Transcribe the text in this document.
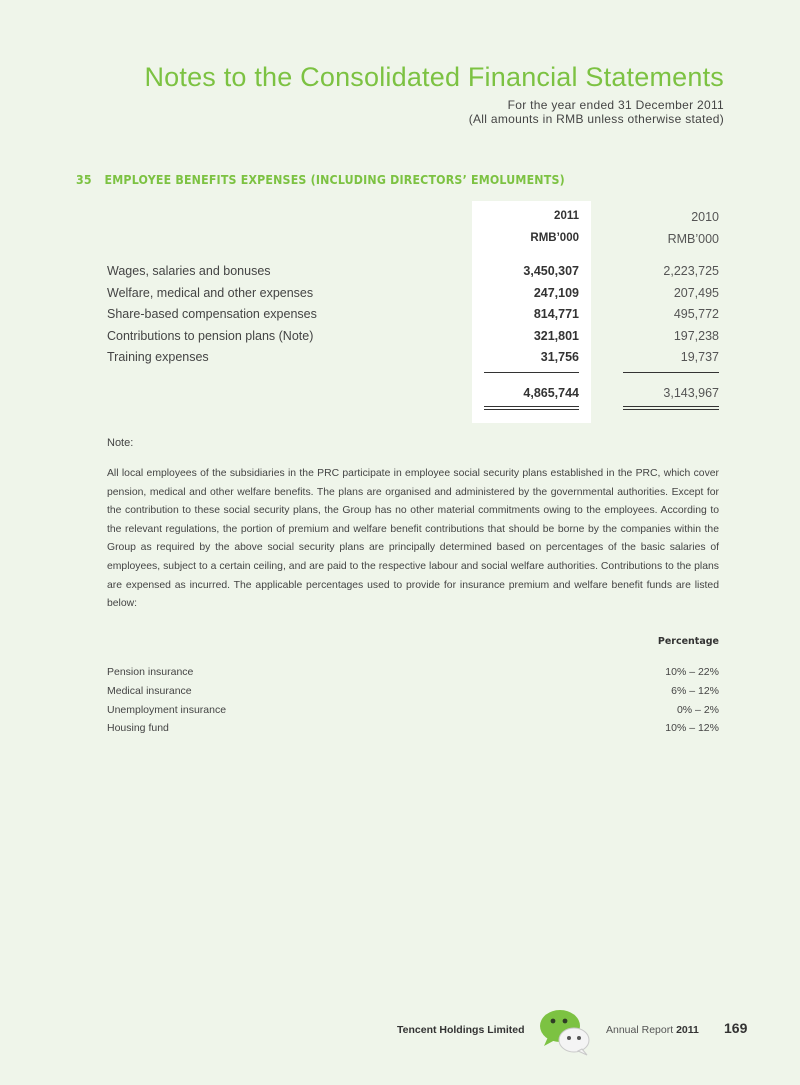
Notes to the Consolidated Financial Statements
For the year ended 31 December 2011
(All amounts in RMB unless otherwise stated)
35 EMPLOYEE BENEFITS EXPENSES (INCLUDING DIRECTORS’ EMOLUMENTS)
2011	2010
RMB’000	RMB’000
Wages, salaries and bonuses	3,450,307	2,223,725
Welfare, medical and other expenses	247,109	207,495
Share-based compensation expenses	814,771	495,772
Contributions to pension plans (Note)	321,801	197,238
Training expenses	31,756	19,737
4,865,744	3,143,967
Note:

All local employees of the subsidiaries in the PRC participate in employee social security plans established in the PRC, which cover pension, medical and other welfare benefits. The plans are organised and administered by the governmental authorities. Except for the contribution to these social security plans, the Group has no other material commitments owing to the employees. According to the relevant regulations, the portion of premium and welfare benefit contributions that should be borne by the companies within the Group as required by the above social security plans are principally determined based on percentages of the basic salaries of employees, subject to a certain ceiling, and are paid to the respective labour and social welfare authorities. Contributions to the plans are expensed as incurred. The applicable percentages used to provide for insurance premium and welfare benefit funds are listed below:

Percentage
Pension insurance	10% – 22%
Medical insurance	6% – 12%
Unemployment insurance	0% – 2%
Housing fund	10% – 12%
Tencent Holdings Limited	Annual Report 2011 169
